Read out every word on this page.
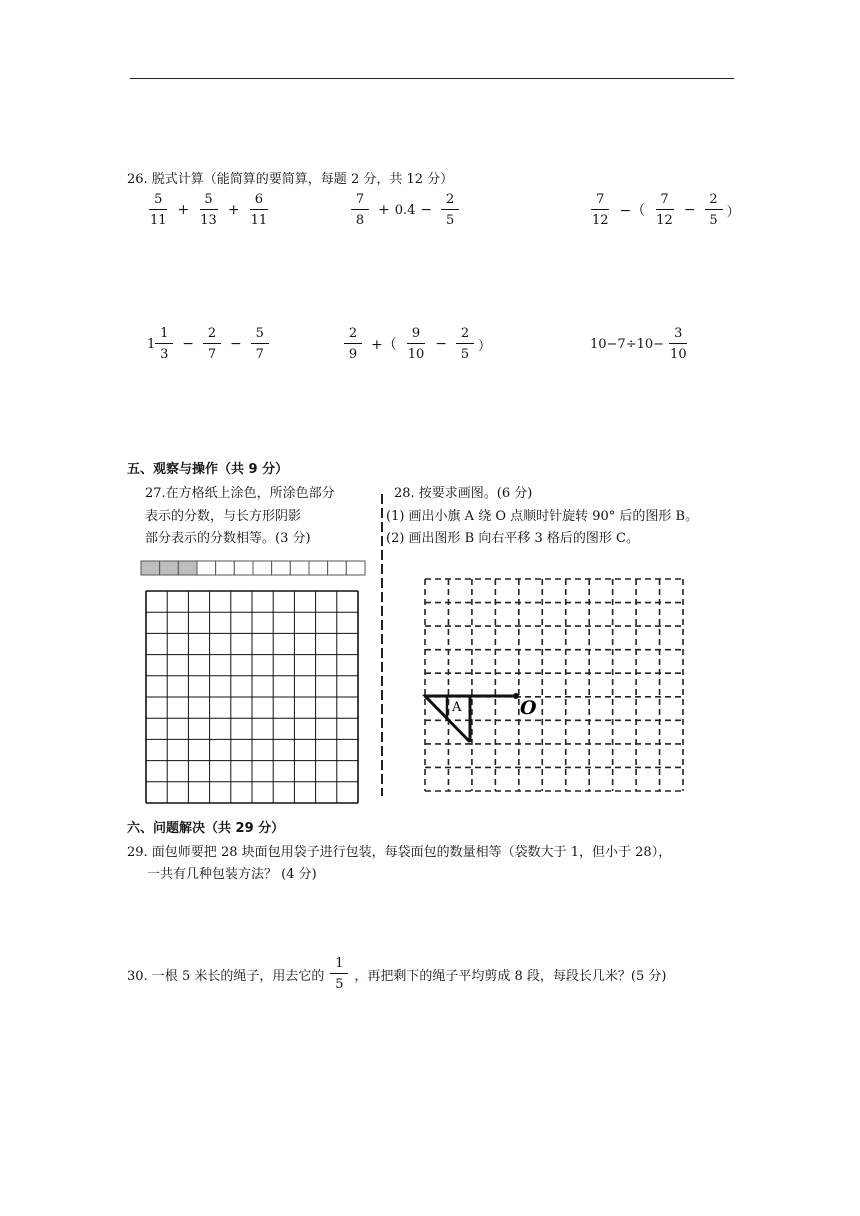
26. 脱式计算（能简算的要简算，每题 2 分，共 12 分）
$\frac{5}{11} + \frac{5}{13} + \frac{6}{11}$	$\frac{7}{8} + 0.4 - \frac{2}{5}$	$\frac{7}{12}$ −（ $\frac{7}{12} - \frac{2}{5}$ ）
$1 \frac{1}{3} - \frac{2}{7} - \frac{5}{7}$	$\frac{2}{9}$ +（ $\frac{9}{10} - \frac{2}{5}$ ）	$10-7\div 10- \frac{3}{10}$
五、观察与操作（共 9 分）
27.在方格纸上涂色，所涂色部分
表示的分数，与长方形阴影
部分表示的分数相等。(3 分)
28. 按要求画图。(6 分)
(1) 画出小旗 A 绕 O 点顺时针旋转 90° 后的图形 B。
(2) 画出图形 B 向右平移 3 格后的图形 C。
A	O
六、问题解决（共 29 分）
29. 面包师要把 28 块面包用袋子进行包装，每袋面包的数量相等（袋数大于 1，但小于 28），
一共有几种包装方法？ (4 分)
30. 一根 5 米长的绳子，用去它的 $\frac{1}{5}$ ，再把剩下的绳子平均剪成 8 段，每段长几米？(5 分)
